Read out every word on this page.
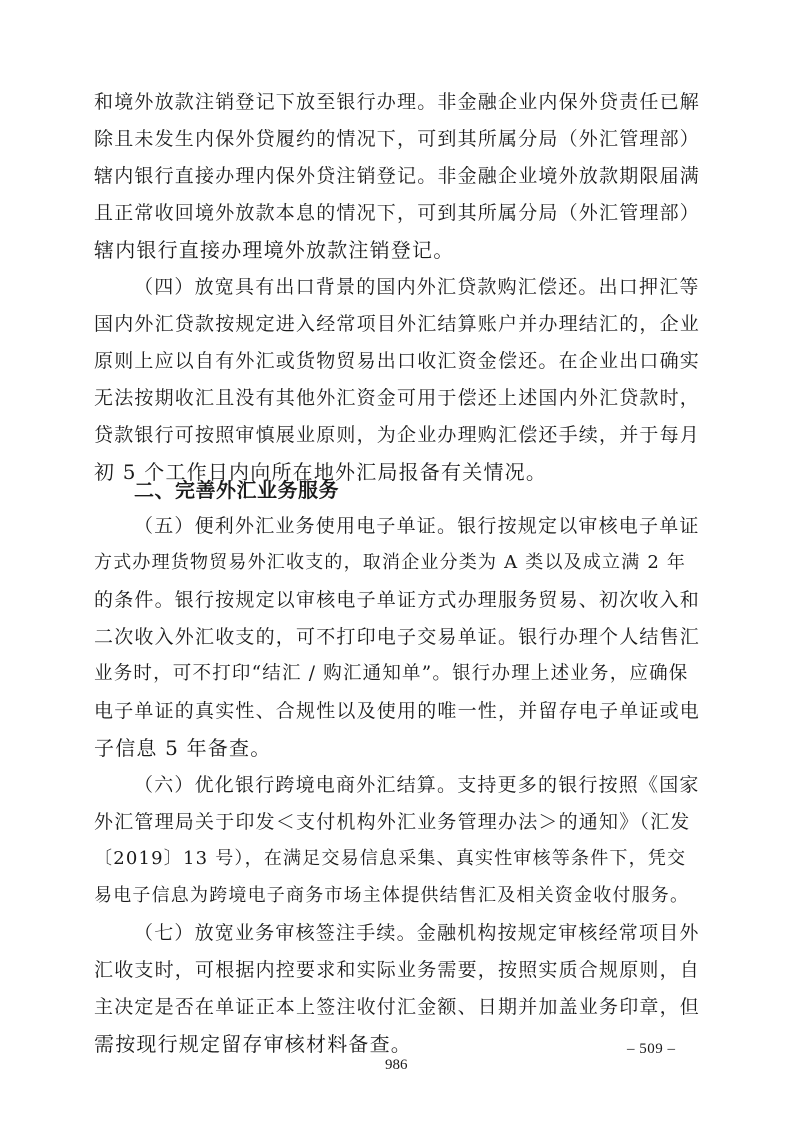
和境外放款注销登记下放至银行办理。非金融企业内保外贷责任已解
除且未发生内保外贷履约的情况下，可到其所属分局（外汇管理部）
辖内银行直接办理内保外贷注销登记。非金融企业境外放款期限届满
且正常收回境外放款本息的情况下，可到其所属分局（外汇管理部）
辖内银行直接办理境外放款注销登记。
（四）放宽具有出口背景的国内外汇贷款购汇偿还。出口押汇等
国内外汇贷款按规定进入经常项目外汇结算账户并办理结汇的，企业
原则上应以自有外汇或货物贸易出口收汇资金偿还。在企业出口确实
无法按期收汇且没有其他外汇资金可用于偿还上述国内外汇贷款时，
贷款银行可按照审慎展业原则，为企业办理购汇偿还手续，并于每月
初 5 个工作日内向所在地外汇局报备有关情况。
二、完善外汇业务服务
（五）便利外汇业务使用电子单证。银行按规定以审核电子单证
方式办理货物贸易外汇收支的，取消企业分类为 A 类以及成立满 2 年
的条件。银行按规定以审核电子单证方式办理服务贸易、初次收入和
二次收入外汇收支的，可不打印电子交易单证。银行办理个人结售汇
业务时，可不打印“结汇 / 购汇通知单”。银行办理上述业务，应确保
电子单证的真实性、合规性以及使用的唯一性，并留存电子单证或电
子信息 5 年备查。
（六）优化银行跨境电商外汇结算。支持更多的银行按照《国家
外汇管理局关于印发＜支付机构外汇业务管理办法＞的通知》（汇发
〔2019〕13 号），在满足交易信息采集、真实性审核等条件下，凭交
易电子信息为跨境电子商务市场主体提供结售汇及相关资金收付服务。
（七）放宽业务审核签注手续。金融机构按规定审核经常项目外
汇收支时，可根据内控要求和实际业务需要，按照实质合规原则，自
主决定是否在单证正本上签注收付汇金额、日期并加盖业务印章，但
需按现行规定留存审核材料备查。	– 509 –
986
